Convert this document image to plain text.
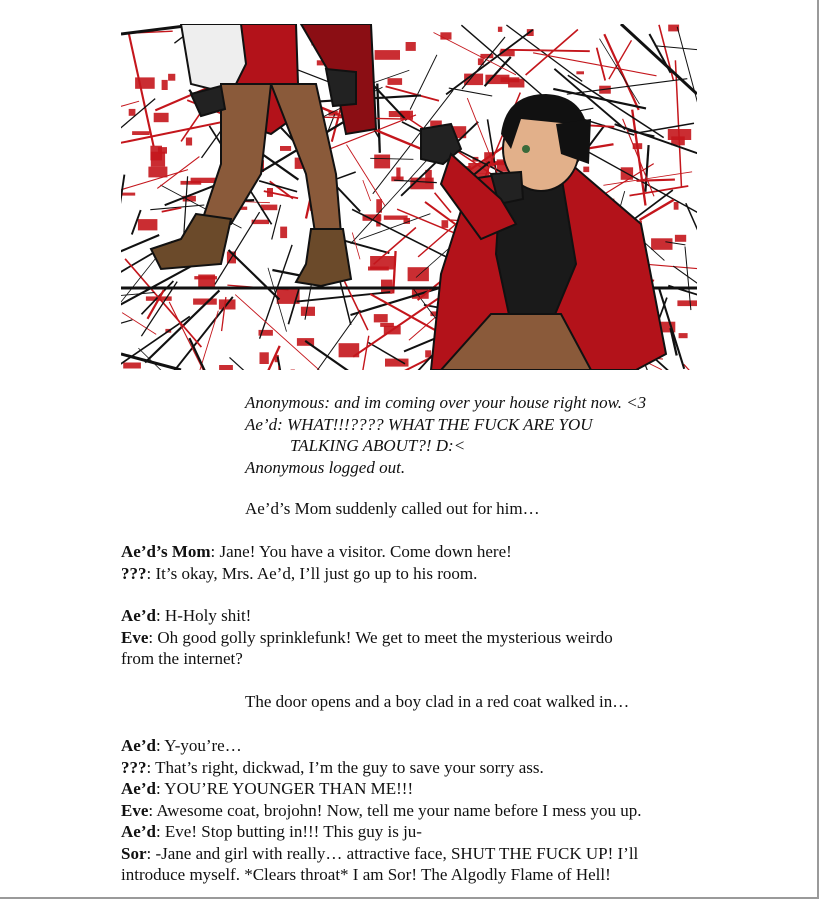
Anonymous: and im coming over your house right now. <3
Ae’d: WHAT!!!???? WHAT THE FUCK ARE YOU
TALKING ABOUT?! D:<
Anonymous logged out.
Ae’d’s Mom suddenly called out for him…
Ae’d’s Mom: Jane! You have a visitor. Come down here!
???: It’s okay, Mrs. Ae’d, I’ll just go up to his room.
Ae’d: H-Holy shit!
Eve: Oh good golly sprinklefunk! We get to meet the mysterious weirdo
from the internet?
The door opens and a boy clad in a red coat walked in…
Ae’d: Y-you’re…
???: That’s right, dickwad, I’m the guy to save your sorry ass.
Ae’d: YOU’RE YOUNGER THAN ME!!!
Eve: Awesome coat, brojohn! Now, tell me your name before I mess you up.
Ae’d: Eve! Stop butting in!!! This guy is ju-
Sor: -Jane and girl with really… attractive face, SHUT THE FUCK UP! I’ll
introduce myself. *Clears throat* I am Sor! The Algodly Flame of Hell!
